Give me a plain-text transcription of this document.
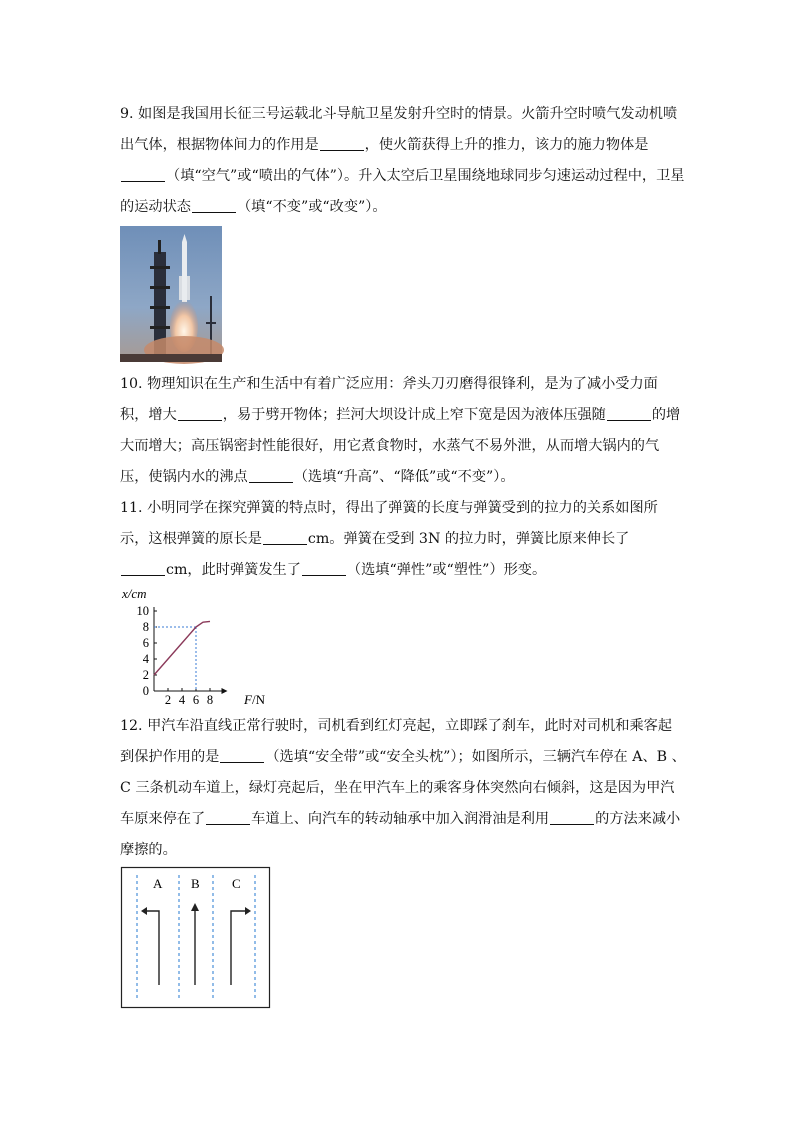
9. 如图是我国用长征三号运载北斗导航卫星发射升空时的情景。火箭升空时喷气发动机喷
出气体，根据物体间力的作用是	，使火箭获得上升的推力，该力的施力物体是
（填“空气”或“喷出的气体”）。升入太空后卫星围绕地球同步匀速运动过程中，卫星
的运动状态	（填“不变”或“改变”）。
10. 物理知识在生产和生活中有着广泛应用：斧头刀刃磨得很锋利，是为了减小受力面
积，增大	，易于劈开物体；拦河大坝设计成上窄下宽是因为液体压强随	的增
大而增大；高压锅密封性能很好，用它煮食物时，水蒸气不易外泄，从而增大锅内的气
压，使锅内水的沸点	（选填“升高”、“降低”或“不变”）。
11. 小明同学在探究弹簧的特点时，得出了弹簧的长度与弹簧受到的拉力的关系如图所
示，这根弹簧的原长是	cm。弹簧在受到 3N 的拉力时，弹簧比原来伸长了
cm，此时弹簧发生了	（选填“弹性”或“塑性”）形变。
2 4 6 8
0
2
4
6
8
10
x/cm
F/N
12. 甲汽车沿直线正常行驶时，司机看到红灯亮起，立即踩了刹车，此时对司机和乘客起
到保护作用的是	（选填“安全带”或“安全头枕”）；如图所示，三辆汽车停在 A、B 、
C 三条机动车道上，绿灯亮起后，坐在甲汽车上的乘客身体突然向右倾斜，这是因为甲汽
车原来停在了	车道上、向汽车的转动轴承中加入润滑油是利用	的方法来减小
摩擦的。
A B C
